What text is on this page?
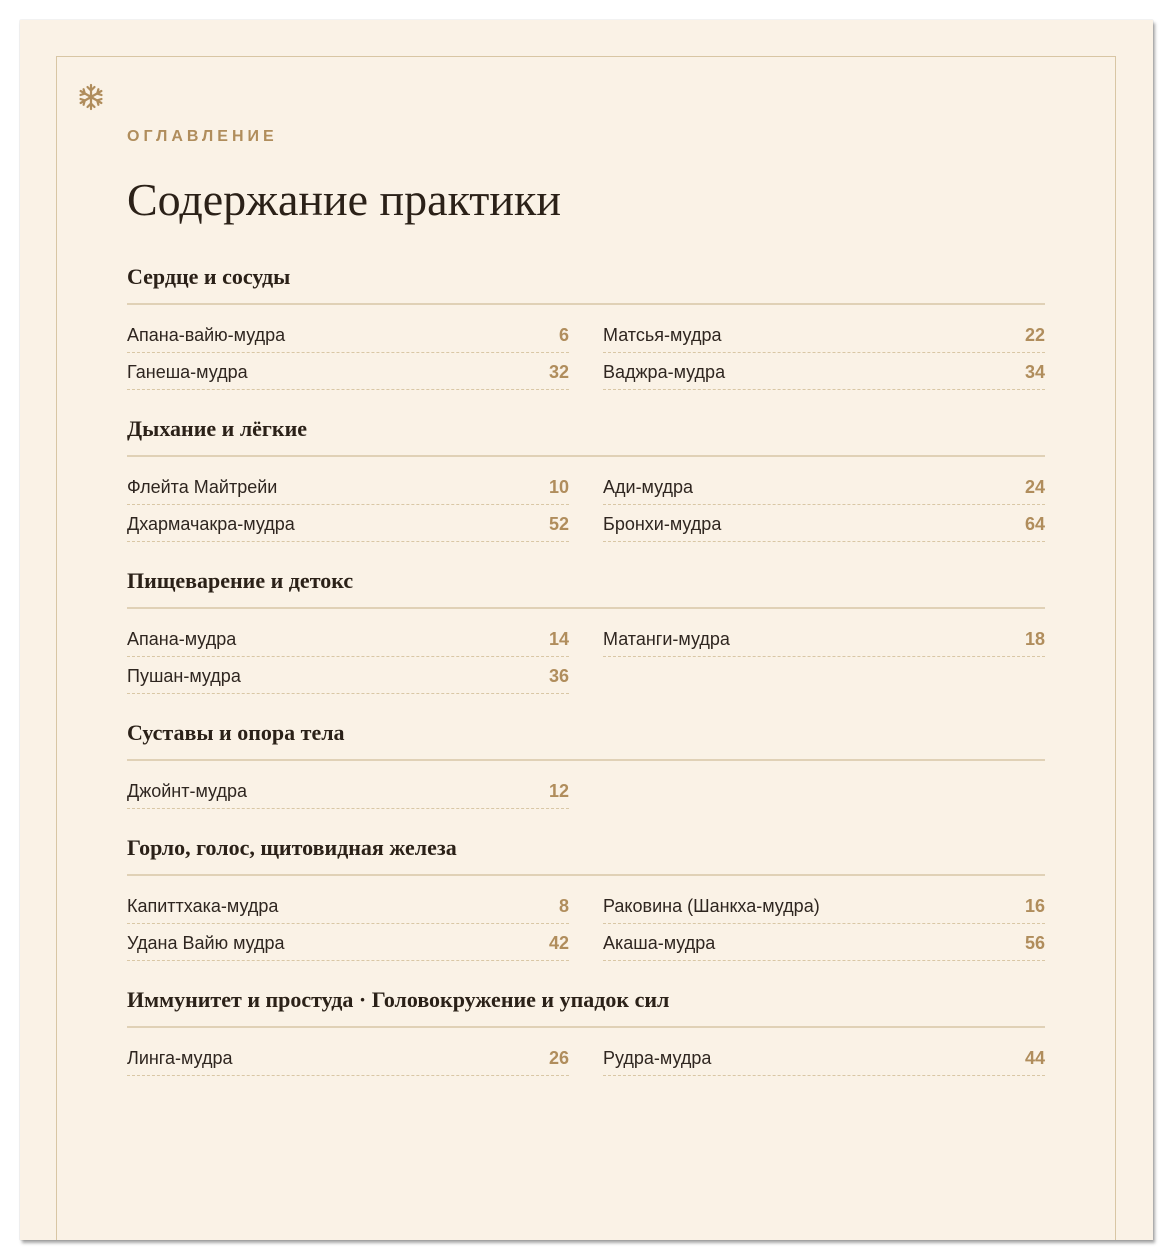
ОГЛАВЛЕНИЕ
Содержание практики
Сердце и сосуды
Апана-вайю-мудра	6 Матсья-мудра	22
Ганеша-мудра	32 Ваджра-мудра	34
Дыхание и лёгкие
Флейта Майтрейи	10 Ади-мудра	24
Дхармачакра-мудра	52 Бронхи-мудра	64
Пищеварение и детокс
Апана-мудра	14 Матанги-мудра	18
Пушан-мудра	36
Суставы и опора тела
Джойнт-мудра	12
Горло, голос, щитовидная железа
Капиттхака-мудра	8 Раковина (Шанкха-мудра)	16
Удана Вайю мудра	42 Акаша-мудра	56
Иммунитет и простуда · Головокружение и упадок сил
Линга-мудра	26 Рудра-мудра	44
